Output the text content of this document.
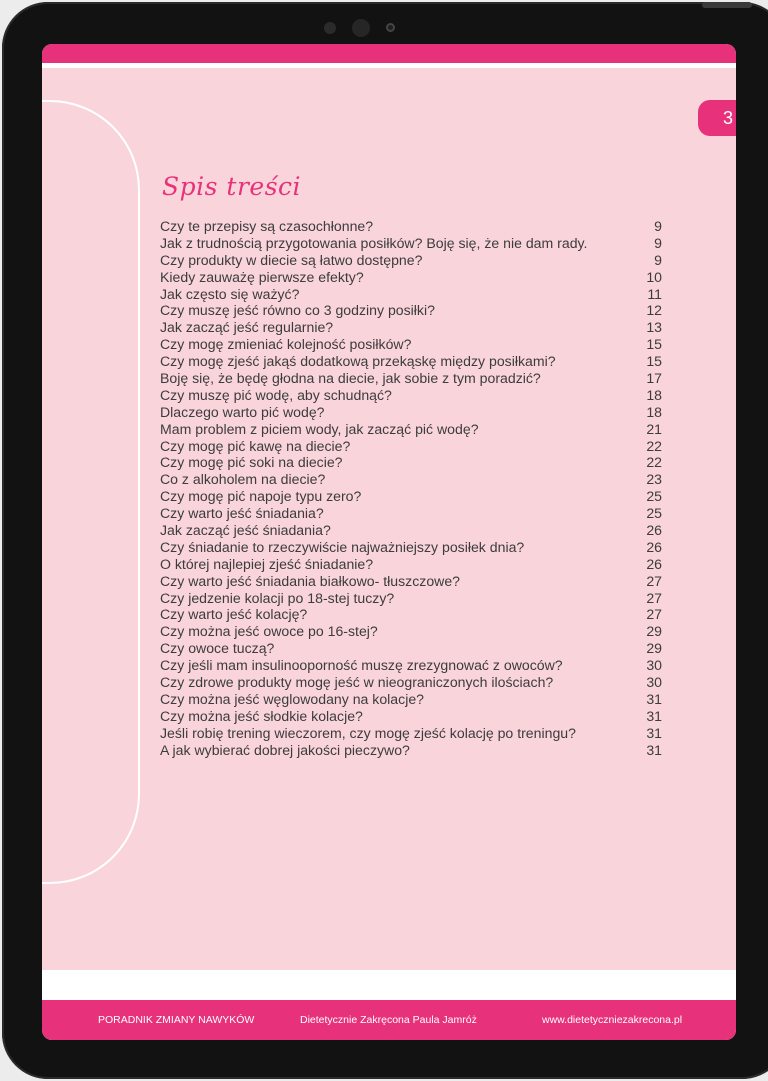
3
Spis treści
Czy te przepisy są czasochłonne?	9
Jak z trudnością przygotowania posiłków? Boję się, że nie dam rady.	9
Czy produkty w diecie są łatwo dostępne?	9
Kiedy zauważę pierwsze efekty?	10
Jak często się ważyć?	11
Czy muszę jeść równo co 3 godziny posiłki?	12
Jak zacząć jeść regularnie?	13
Czy mogę zmieniać kolejność posiłków?	15
Czy mogę zjeść jakąś dodatkową przekąskę między posiłkami?	15
Boję się, że będę głodna na diecie, jak sobie z tym poradzić?	17
Czy muszę pić wodę, aby schudnąć?	18
Dlaczego warto pić wodę?	18
Mam problem z piciem wody, jak zacząć pić wodę?	21
Czy mogę pić kawę na diecie?	22
Czy mogę pić soki na diecie?	22
Co z alkoholem na diecie?	23
Czy mogę pić napoje typu zero?	25
Czy warto jeść śniadania?	25
Jak zacząć jeść śniadania?	26
Czy śniadanie to rzeczywiście najważniejszy posiłek dnia?	26
O której najlepiej zjeść śniadanie?	26
Czy warto jeść śniadania białkowo- tłuszczowe?	27
Czy jedzenie kolacji po 18-stej tuczy?	27
Czy warto jeść kolację?	27
Czy można jeść owoce po 16-stej?	29
Czy owoce tuczą?	29
Czy jeśli mam insulinooporność muszę zrezygnować z owoców?	30
Czy zdrowe produkty mogę jeść w nieograniczonych ilościach?	30
Czy można jeść węglowodany na kolacje?	31
Czy można jeść słodkie kolacje?	31
Jeśli robię trening wieczorem, czy mogę zjeść kolację po treningu?	31
A jak wybierać dobrej jakości pieczywo?	31
PORADNIK ZMIANY NAWYKÓW	Dietetycznie Zakręcona Paula Jamróż	www.dietetyczniezakrecona.pl
